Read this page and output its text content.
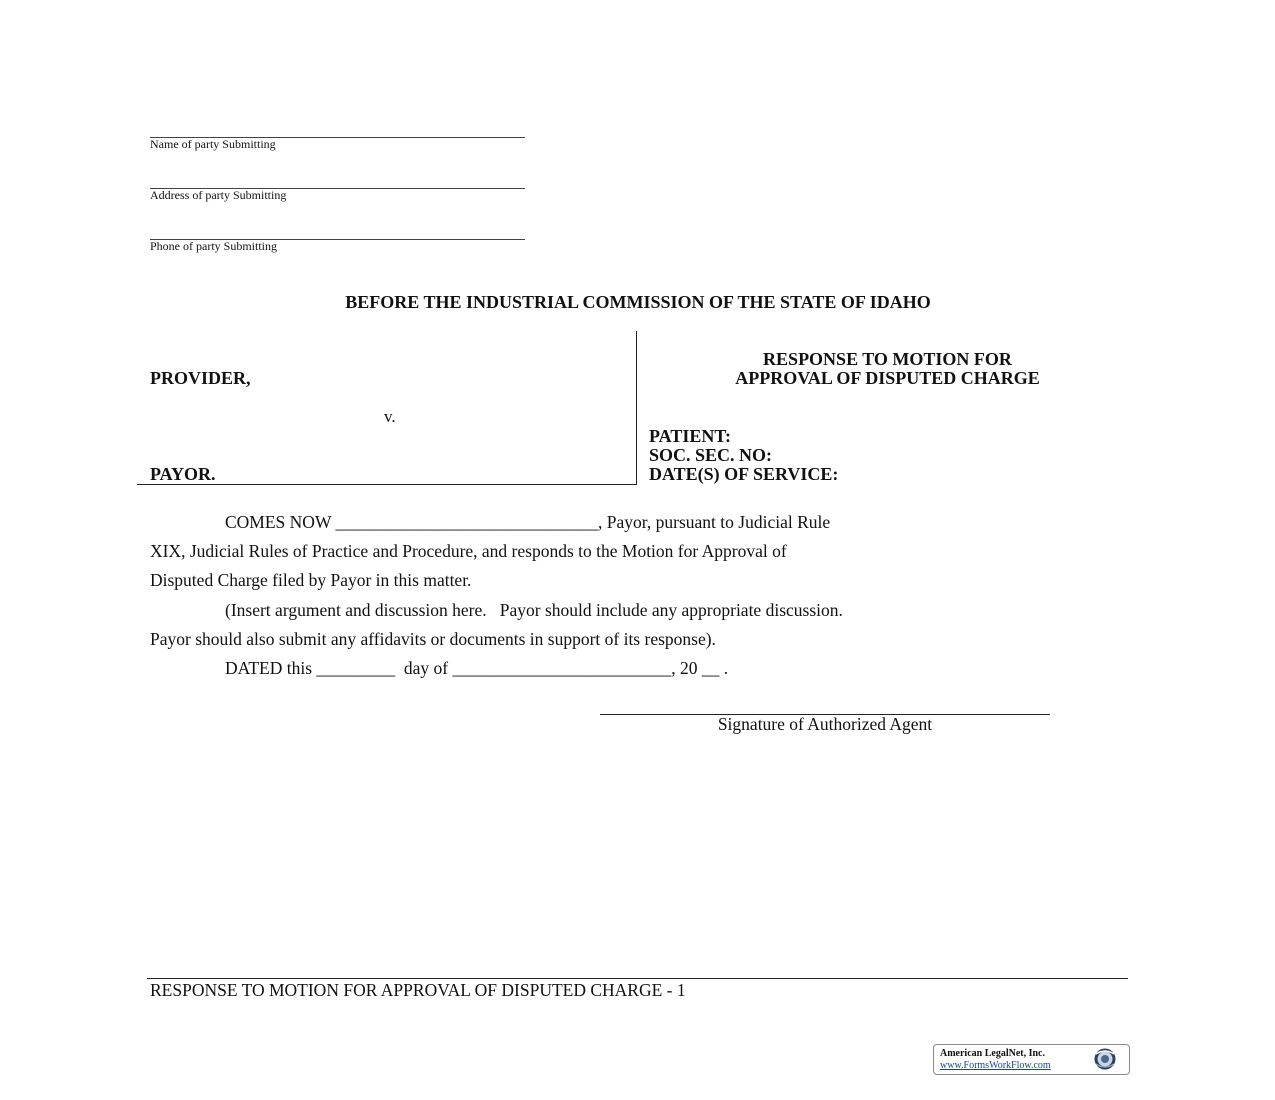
Name of party Submitting
Address of party Submitting
Phone of party Submitting
BEFORE THE INDUSTRIAL COMMISSION OF THE STATE OF IDAHO
PROVIDER,
v.
PAYOR.
RESPONSE TO MOTION FOR
APPROVAL OF DISPUTED CHARGE
PATIENT:
SOC. SEC. NO:
DATE(S) OF SERVICE:
COMES NOW ______________________________, Payor, pursuant to Judicial Rule
XIX, Judicial Rules of Practice and Procedure, and responds to the Motion for Approval of
Disputed Charge filed by Payor in this matter.
(Insert argument and discussion here.   Payor should include any appropriate discussion.
Payor should also submit any affidavits or documents in support of its response).
DATED this _________  day of _________________________, 20 __ .
Signature of Authorized Agent
RESPONSE TO MOTION FOR APPROVAL OF DISPUTED CHARGE - 1
American LegalNet, Inc.
www.FormsWorkFlow.com
